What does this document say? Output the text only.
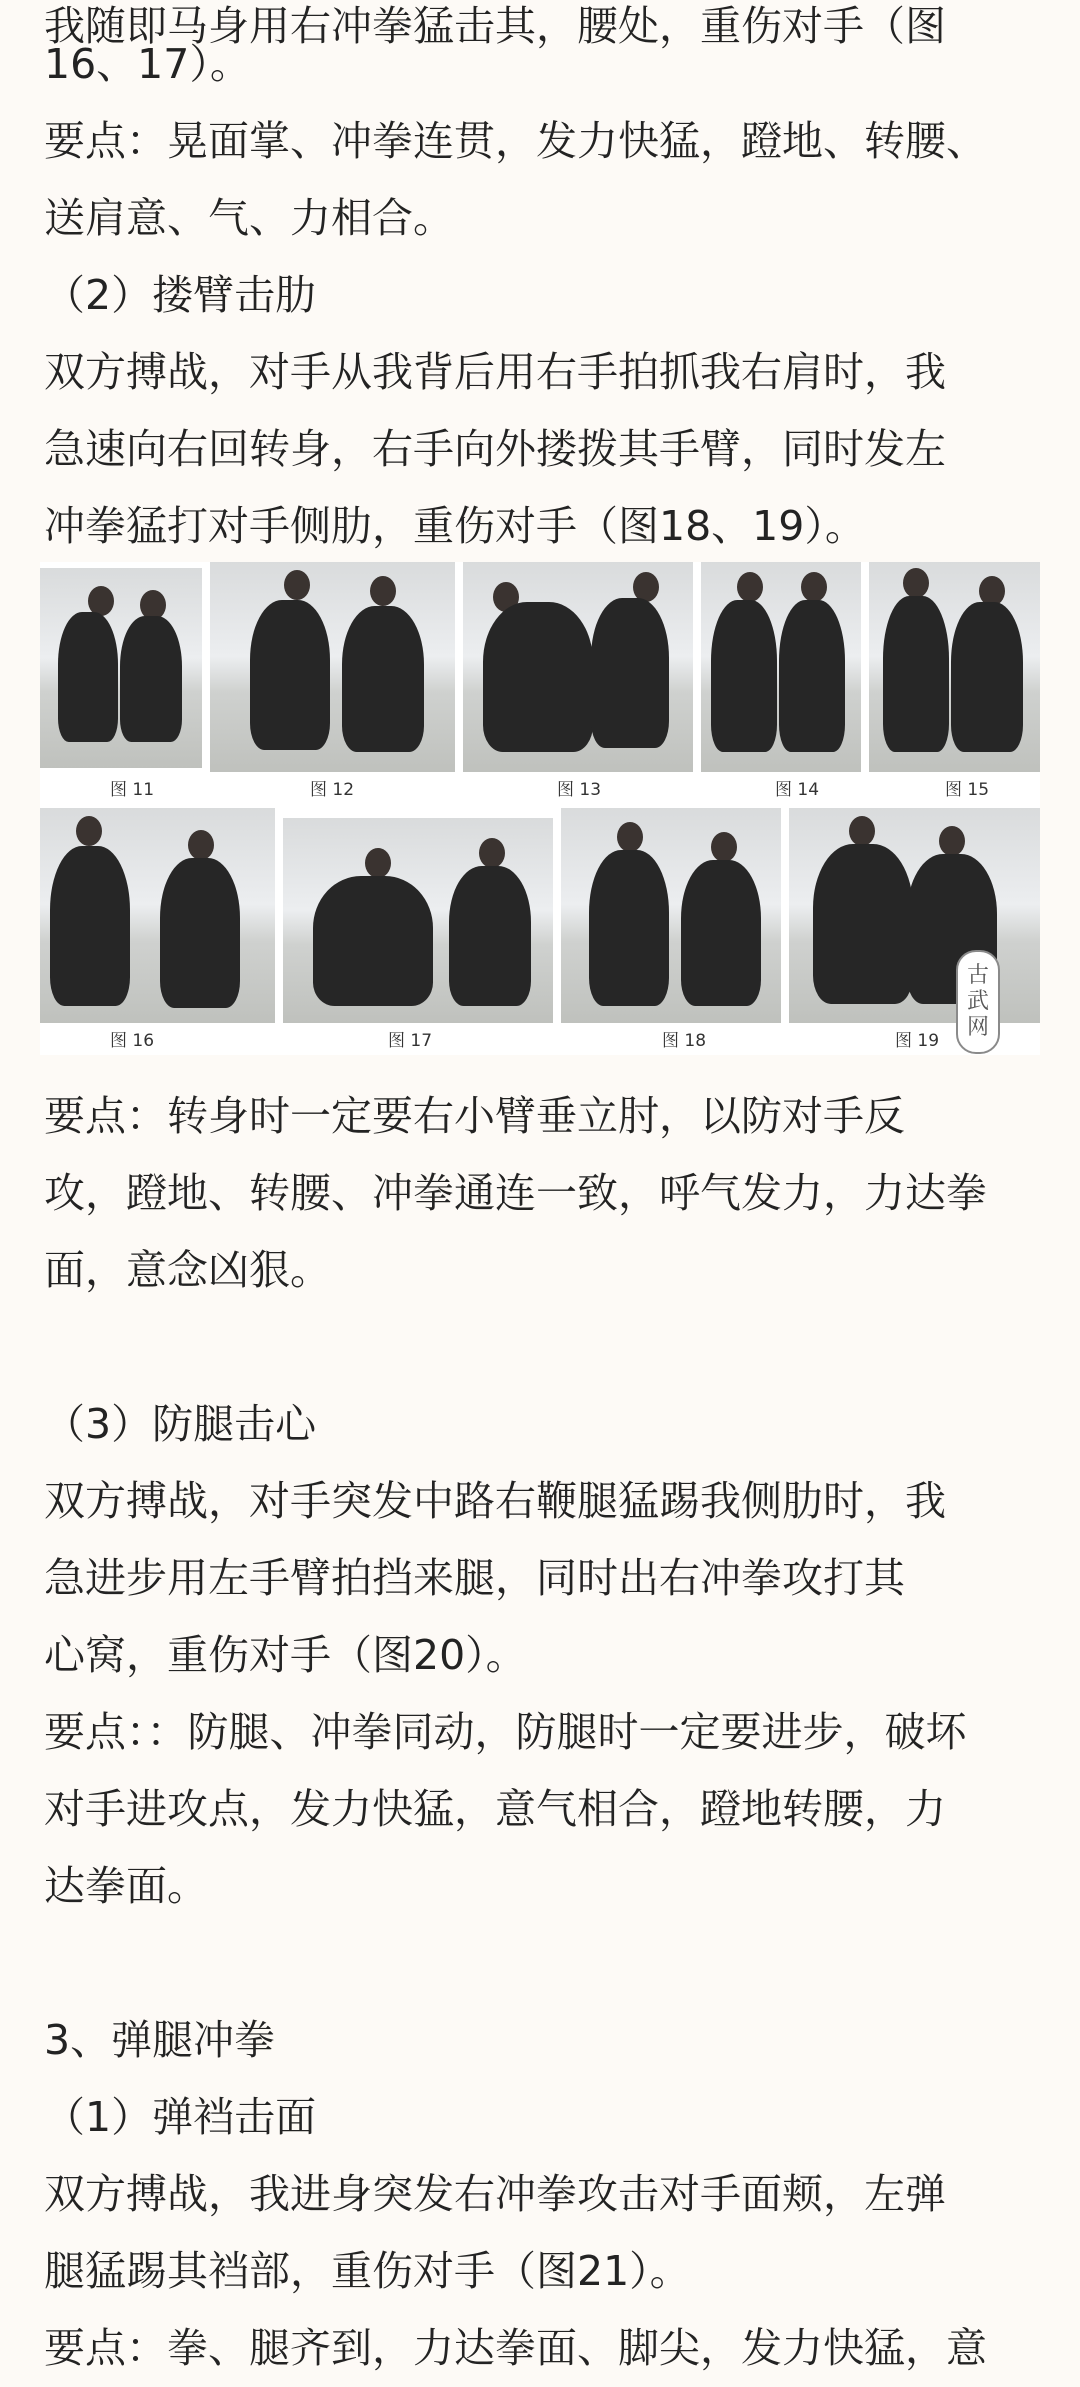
我随即马身用右冲拳猛击其，腰处，重伤对手（图
16、17）。
要点：晃面掌、冲拳连贯，发力快猛，蹬地、转腰、
送肩意、气、力相合。
（2）搂臂击肋
双方搏战，对手从我背后用右手拍抓我右肩时，我
急速向右回转身，右手向外搂拨其手臂，同时发左
冲拳猛打对手侧肋，重伤对手（图18、19）。
图 11	图 12	图 13	图 14	图 15
图 16	图 17	图 18	图 19
古
武
网
要点：转身时一定要右小臂垂立肘，以防对手反
攻，蹬地、转腰、冲拳通连一致，呼气发力，力达拳
面，意念凶狠。
（3）防腿击心
双方搏战，对手突发中路右鞭腿猛踢我侧肋时，我
急进步用左手臂拍挡来腿，同时出右冲拳攻打其
心窝，重伤对手（图20）。
要点：：防腿、冲拳同动，防腿时一定要进步，破坏
对手进攻点，发力快猛，意气相合，蹬地转腰，力
达拳面。
3、弹腿冲拳
（1）弹裆击面
双方搏战，我进身突发右冲拳攻击对手面颊，左弹
腿猛踢其裆部，重伤对手（图21）。
要点：拳、腿齐到，力达拳面、脚尖，发力快猛，意
